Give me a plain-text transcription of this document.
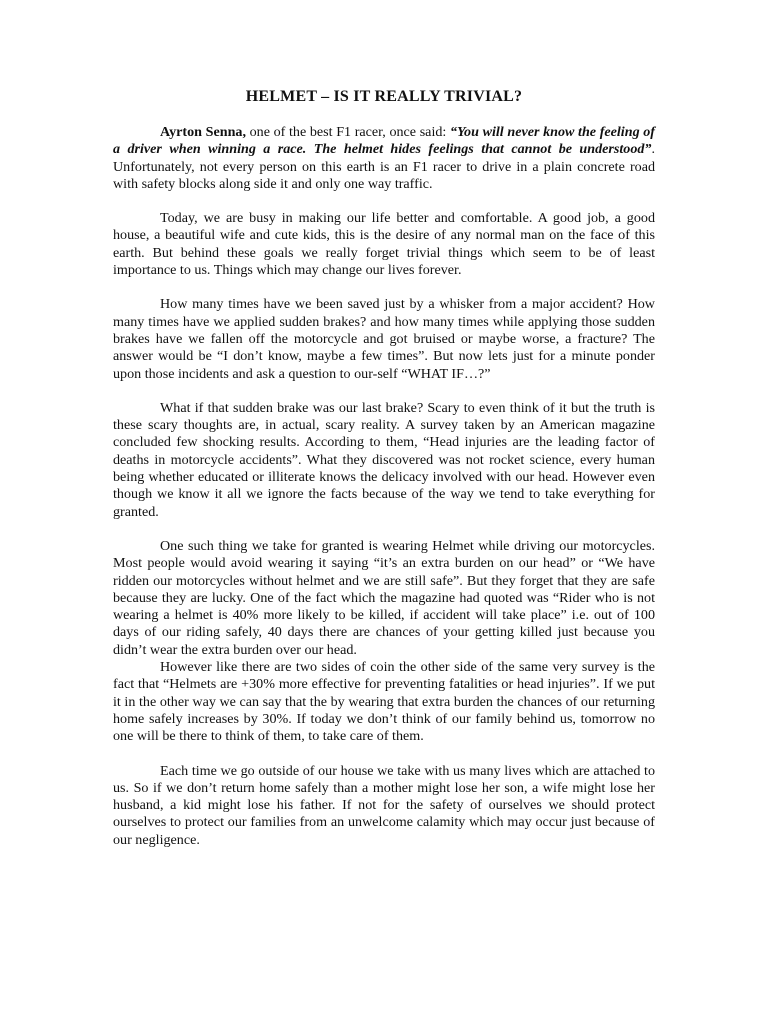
HELMET – IS IT REALLY TRIVIAL?

Ayrton Senna, one of the best F1 racer, once said: “You will never know the feeling of a driver when winning a race. The helmet hides feelings that cannot be understood”. Unfortunately, not every person on this earth is an F1 racer to drive in a plain concrete road with safety blocks along side it and only one way traffic.

Today, we are busy in making our life better and comfortable. A good job, a good house, a beautiful wife and cute kids, this is the desire of any normal man on the face of this earth. But behind these goals we really forget trivial things which seem to be of least importance to us. Things which may change our lives forever.

How many times have we been saved just by a whisker from a major accident? How many times have we applied sudden brakes? and how many times while applying those sudden brakes have we fallen off the motorcycle and got bruised or maybe worse, a fracture? The answer would be “I don’t know, maybe a few times”. But now lets just for a minute ponder upon those incidents and ask a question to our-self “WHAT IF…?”

What if that sudden brake was our last brake? Scary to even think of it but the truth is these scary thoughts are, in actual, scary reality. A survey taken by an American magazine concluded few shocking results. According to them, “Head injuries are the leading factor of deaths in motorcycle accidents”. What they discovered was not rocket science, every human being whether educated or illiterate knows the delicacy involved with our head. However even though we know it all we ignore the facts because of the way we tend to take everything for granted.

One such thing we take for granted is wearing Helmet while driving our motorcycles. Most people would avoid wearing it saying “it’s an extra burden on our head” or “We have ridden our motorcycles without helmet and we are still safe”. But they forget that they are safe because they are lucky. One of the fact which the magazine had quoted was “Rider who is not wearing a helmet is 40% more likely to be killed, if accident will take place” i.e. out of 100 days of our riding safely, 40 days there are chances of your getting killed just because you didn’t wear the extra burden over our head.

However like there are two sides of coin the other side of the same very survey is the fact that “Helmets are +30% more effective for preventing fatalities or head injuries”. If we put it in the other way we can say that the by wearing that extra burden the chances of our returning home safely increases by 30%. If today we don’t think of our family behind us, tomorrow no one will be there to think of them, to take care of them.

Each time we go outside of our house we take with us many lives which are attached to us. So if we don’t return home safely than a mother might lose her son, a wife might lose her husband, a kid might lose his father. If not for the safety of ourselves we should protect ourselves to protect our families from an unwelcome calamity which may occur just because of our negligence.
